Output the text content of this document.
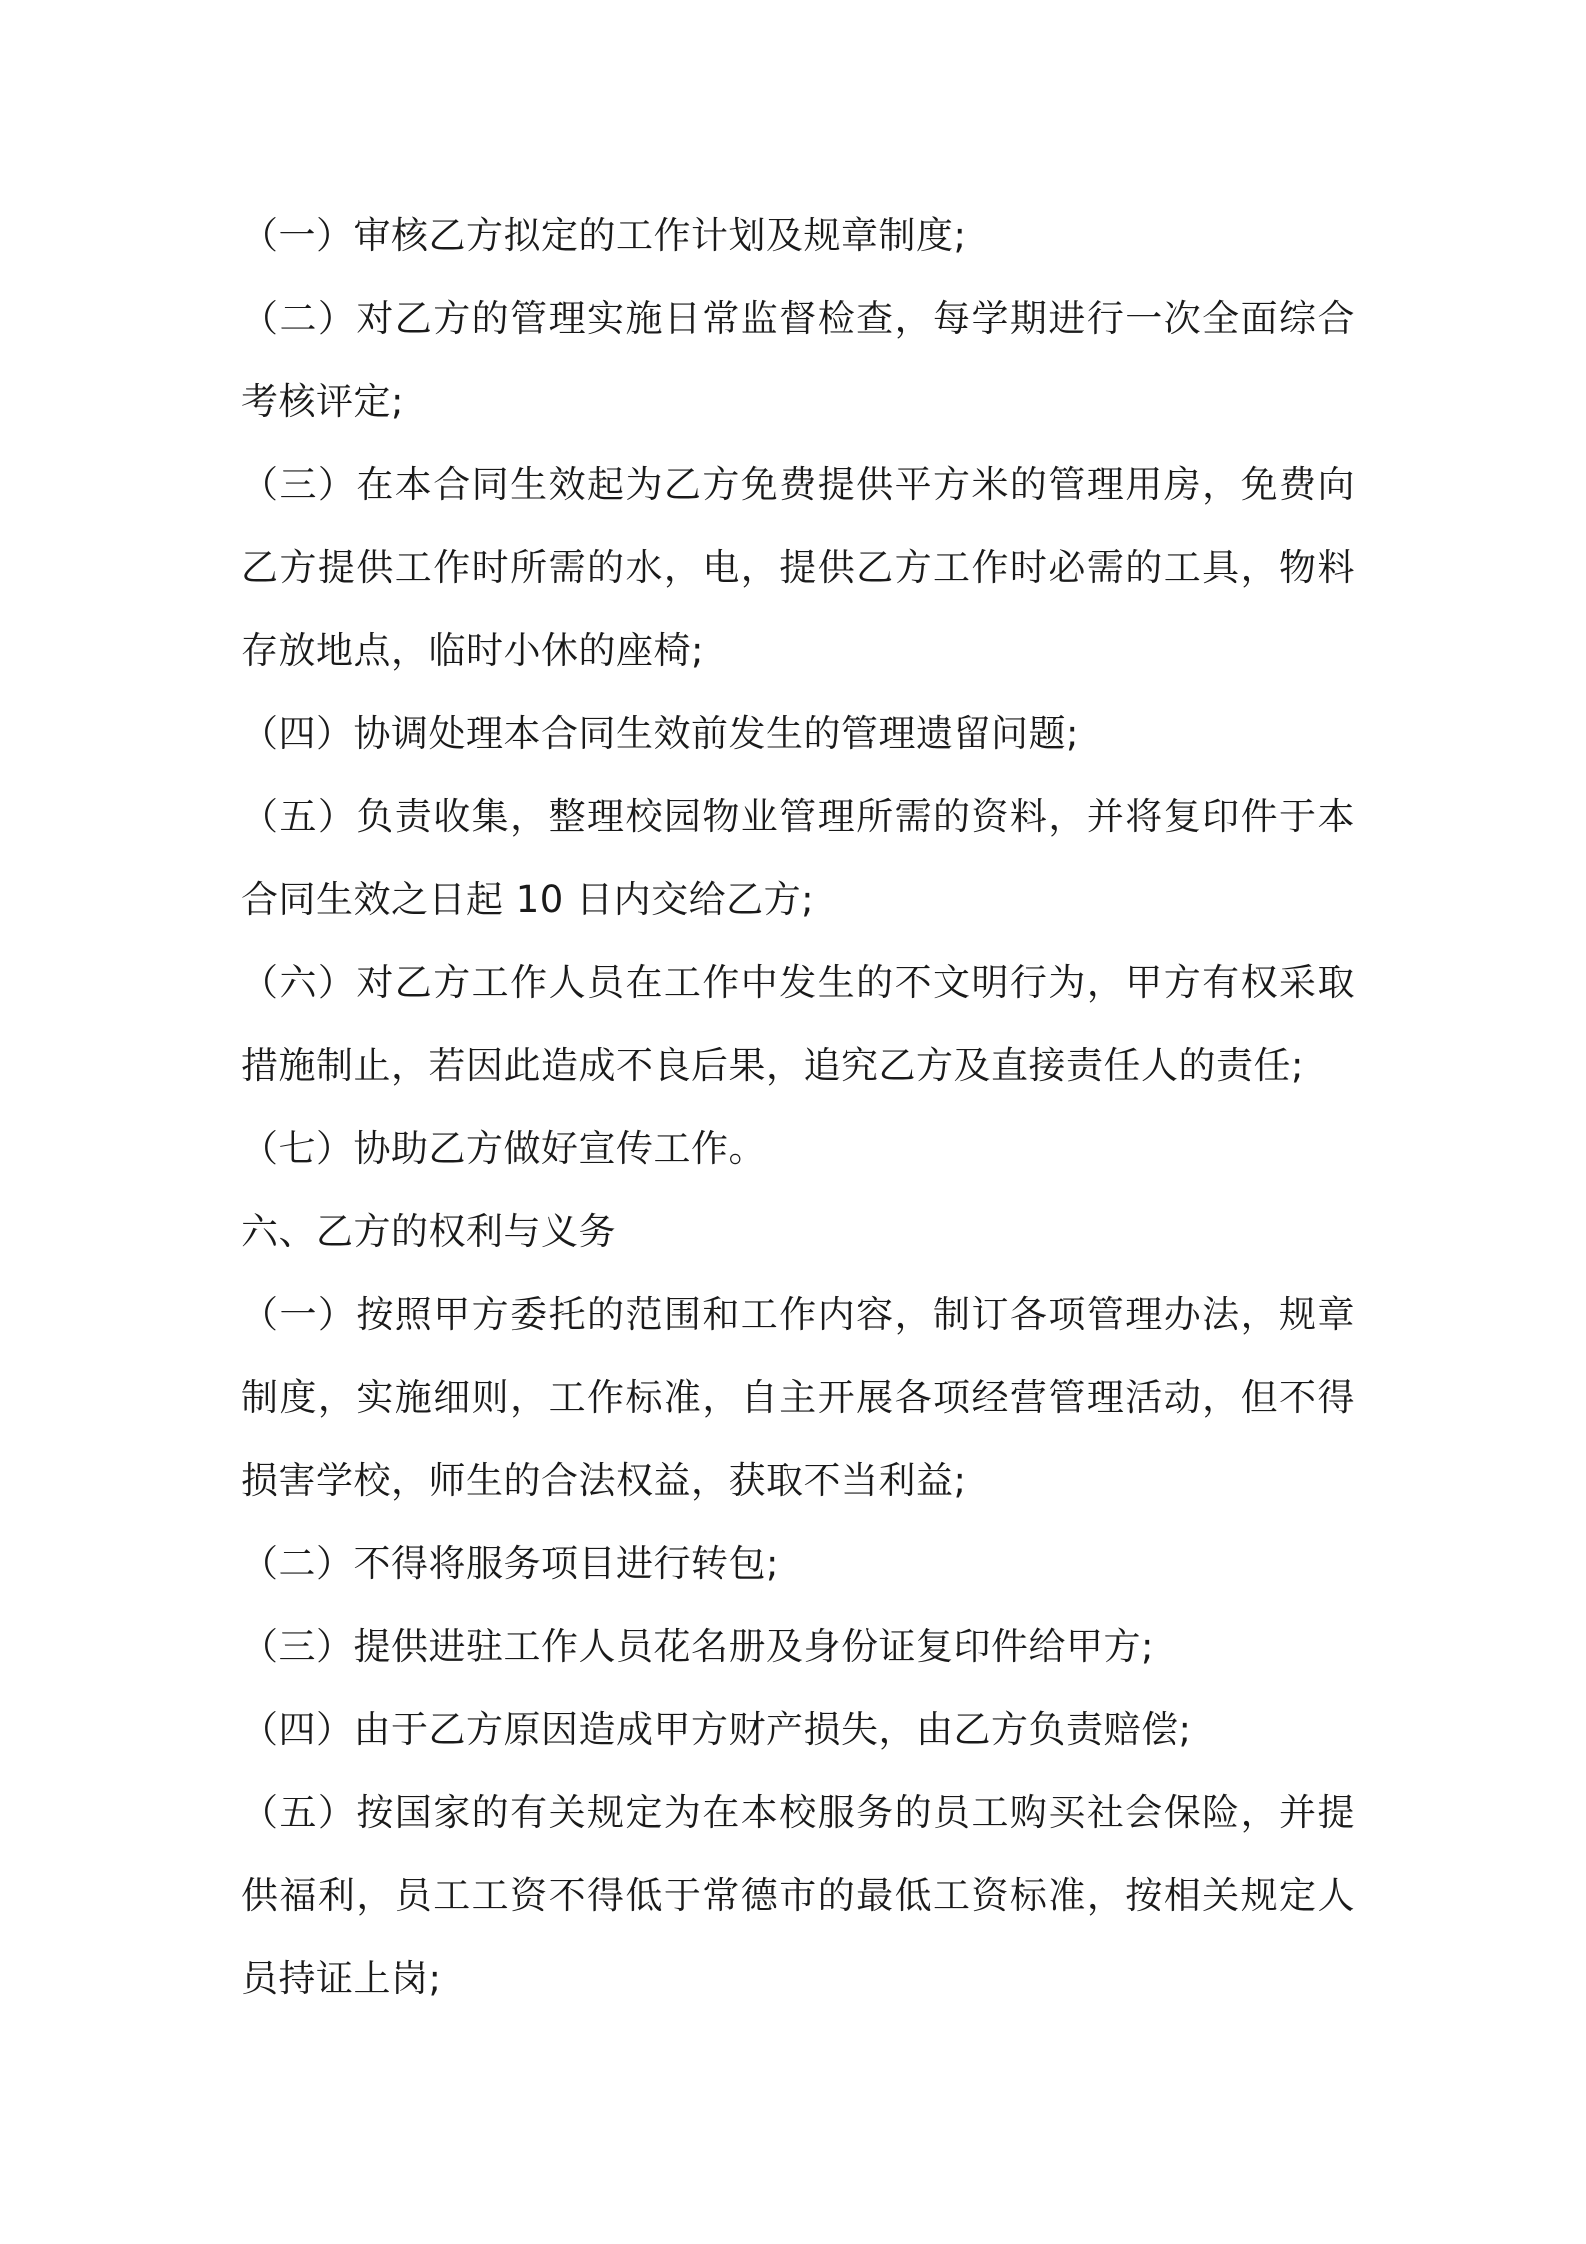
（一）审核乙方拟定的工作计划及规章制度;

（二）对乙方的管理实施日常监督检查，每学期进行一次全面综合考核评定;

（三）在本合同生效起为乙方免费提供平方米的管理用房，免费向乙方提供工作时所需的水，电，提供乙方工作时必需的工具，物料存放地点，临时小休的座椅;

（四）协调处理本合同生效前发生的管理遗留问题;

（五）负责收集，整理校园物业管理所需的资料，并将复印件于本合同生效之日起 10 日内交给乙方;

（六）对乙方工作人员在工作中发生的不文明行为，甲方有权采取措施制止，若因此造成不良后果，追究乙方及直接责任人的责任;

（七）协助乙方做好宣传工作。

六、乙方的权利与义务

（一）按照甲方委托的范围和工作内容，制订各项管理办法，规章制度，实施细则，工作标准，自主开展各项经营管理活动，但不得损害学校，师生的合法权益，获取不当利益;

（二）不得将服务项目进行转包;

（三）提供进驻工作人员花名册及身份证复印件给甲方;

（四）由于乙方原因造成甲方财产损失，由乙方负责赔偿;

（五）按国家的有关规定为在本校服务的员工购买社会保险，并提供福利，员工工资不得低于常德市的最低工资标准，按相关规定人员持证上岗;
